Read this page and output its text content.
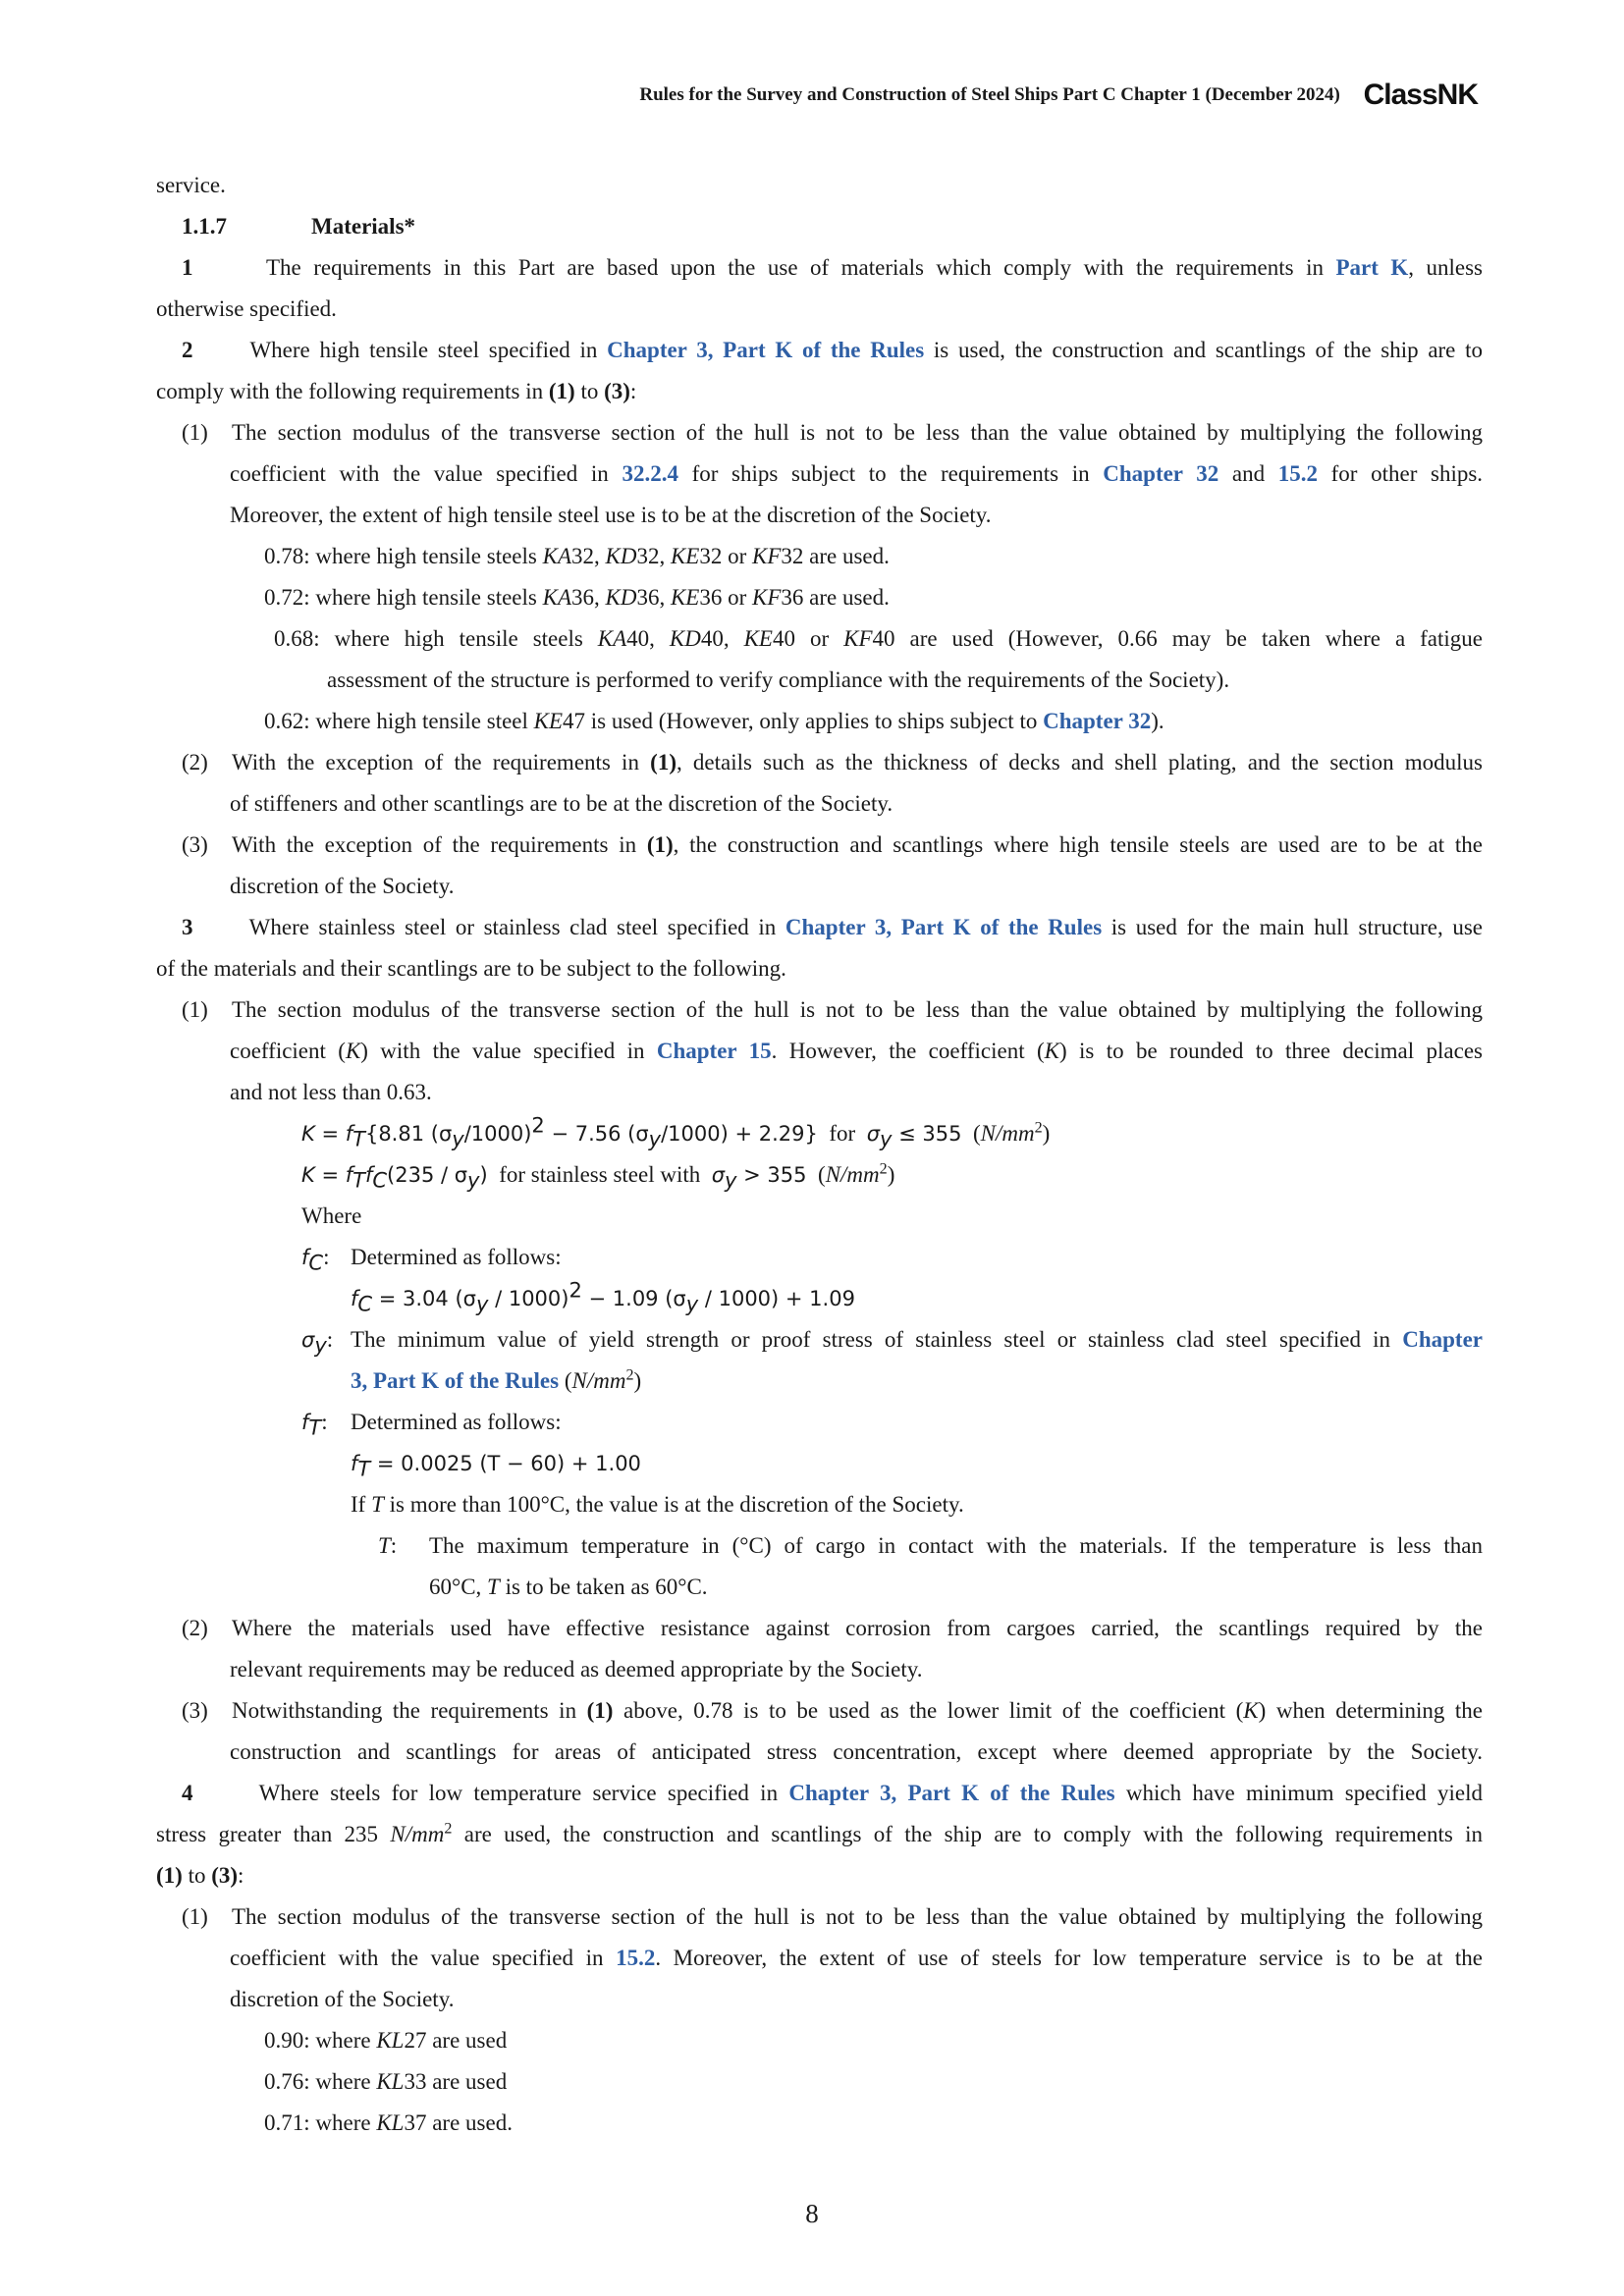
Rules for the Survey and Construction of Steel Ships Part C Chapter 1 (December 2024) ClassNK
service.
1.1.7	Materials*
1	The requirements in this Part are based upon the use of materials which comply with the requirements in Part K, unless
otherwise specified.
2	Where high tensile steel specified in Chapter 3, Part K of the Rules is used, the construction and scantlings of the ship are to
comply with the following requirements in (1) to (3):
(1) The section modulus of the transverse section of the hull is not to be less than the value obtained by multiplying the following
coefficient with the value specified in 32.2.4 for ships subject to the requirements in Chapter 32 and 15.2 for other ships.
Moreover, the extent of high tensile steel use is to be at the discretion of the Society.
0.78: where high tensile steels KA32, KD32, KE32 or KF32 are used.
0.72: where high tensile steels KA36, KD36, KE36 or KF36 are used.
0.68: where high tensile steels KA40, KD40, KE40 or KF40 are used (However, 0.66 may be taken where a fatigue
assessment of the structure is performed to verify compliance with the requirements of the Society).
0.62: where high tensile steel KE47 is used (However, only applies to ships subject to Chapter 32).
(2) With the exception of the requirements in (1), details such as the thickness of decks and shell plating, and the section modulus
of stiffeners and other scantlings are to be at the discretion of the Society.
(3) With the exception of the requirements in (1), the construction and scantlings where high tensile steels are used are to be at the
discretion of the Society.
3 Where stainless steel or stainless clad steel specified in Chapter 3, Part K of the Rules is used for the main hull structure, use
of the materials and their scantlings are to be subject to the following.
(1) The section modulus of the transverse section of the hull is not to be less than the value obtained by multiplying the following
coefficient (K) with the value specified in Chapter 15. However, the coefficient (K) is to be rounded to three decimal places
and not less than 0.63.
$K = f_T\{8.81$ $(\sigma_y/1000)^2 - 7.56$ $(\sigma_y/1000) + 2.29$} for $\sigma_y \le 355$  $(N/mm^2)$
$K = f_Tf_C(235 / \sigma_y)$ for stainless steel with $\sigma_y > 355$  $(N/mm^2)$
Where
$f_C$: Determined as follows:
$f_C = 3.04$ $(\sigma_y / 1000)^2 - 1.09$ $(\sigma_y / 1000) + 1.09$
$\sigma_y$: The minimum value of yield strength or proof stress of stainless steel or stainless clad steel specified in Chapter
3, Part K of the Rules $(N/mm^2)$
$f_T$: Determined as follows:
$f_T = 0.0025$ (T − 60) + 1.00
If T is more than 100°C, the value is at the discretion of the Society.
T: The maximum temperature in (°C) of cargo in contact with the materials. If the temperature is less than
60°C, T is to be taken as 60°C.
(2) Where the materials used have effective resistance against corrosion from cargoes carried, the scantlings required by the
relevant requirements may be reduced as deemed appropriate by the Society.
(3) Notwithstanding the requirements in (1) above, 0.78 is to be used as the lower limit of the coefficient (K) when determining the
construction and scantlings for areas of anticipated stress concentration, except where deemed appropriate by the Society.
4	Where steels for low temperature service specified in Chapter 3, Part K of the Rules which have minimum specified yield
stress greater than 235 $N/mm^2$ are used, the construction and scantlings of the ship are to comply with the following requirements in
(1) to (3):
(1) The section modulus of the transverse section of the hull is not to be less than the value obtained by multiplying the following
coefficient with the value specified in 15.2. Moreover, the extent of use of steels for low temperature service is to be at the
discretion of the Society.
0.90: where KL27 are used
0.76: where KL33 are used
0.71: where KL37 are used.
8
